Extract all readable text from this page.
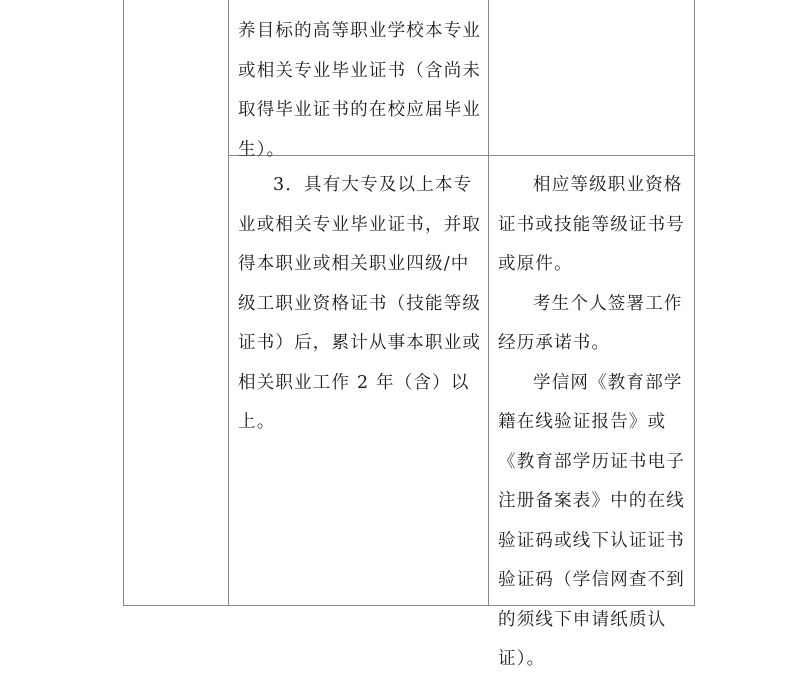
养目标的高等职业学校本专业或相关专业毕业证书（含尚未取得毕业证书的在校应届毕业生）。

3．具有大专及以上本专业或相关专业毕业证书，并取得本职业或相关职业四级/中级工职业资格证书（技能等级证书）后，累计从事本职业或相关职业工作 2 年（含）以上。

相应等级职业资格证书或技能等级证书号或原件。

考生个人签署工作经历承诺书。

学信网《教育部学籍在线验证报告》或《教育部学历证书电子注册备案表》中的在线验证码或线下认证证书验证码（学信网查不到的须线下申请纸质认证）。
